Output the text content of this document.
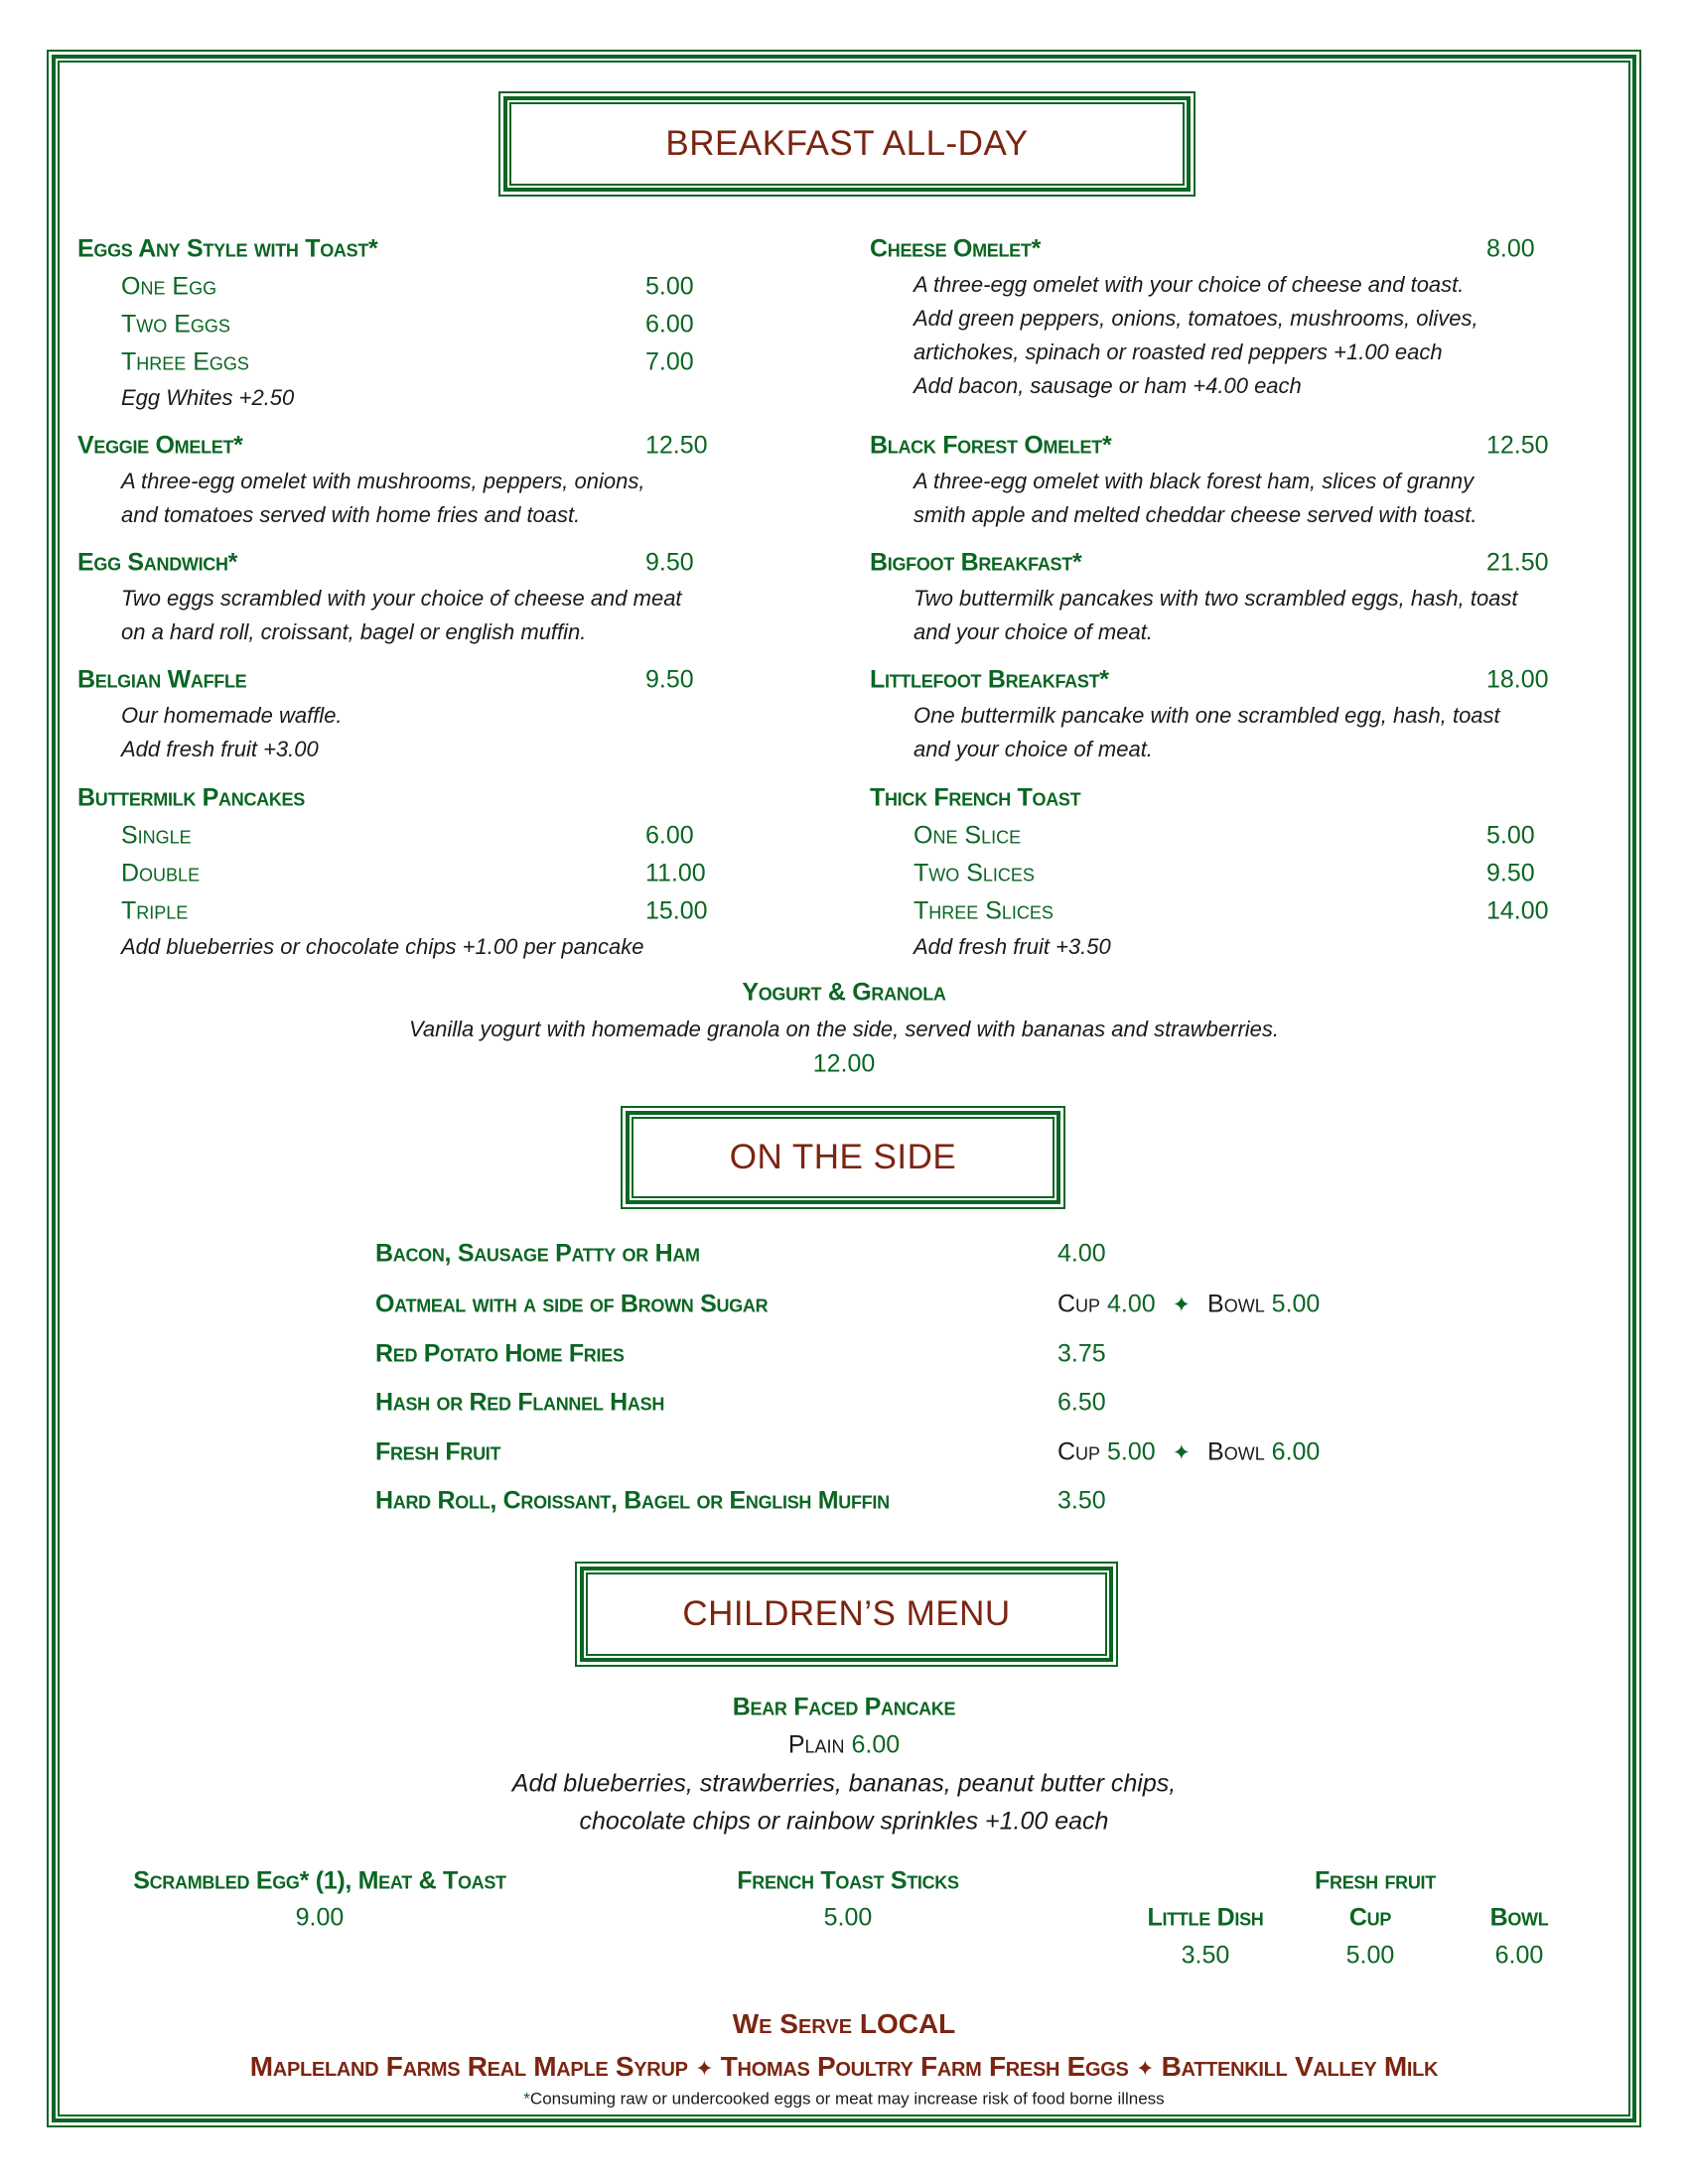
BREAKFAST ALL-DAY
Eggs Any Style with Toast*
One Egg	5.00
Two Eggs	6.00
Three Eggs	7.00
Egg Whites +2.50
Veggie Omelet*	12.50
A three-egg omelet with mushrooms, peppers, onions,
and tomatoes served with home fries and toast.
Egg Sandwich*	9.50
Two eggs scrambled with your choice of cheese and meat
on a hard roll, croissant, bagel or english muffin.
Belgian Waffle	9.50
Our homemade waffle.
Add fresh fruit +3.00
Buttermilk Pancakes
Single	6.00
Double	11.00
Triple	15.00
Add blueberries or chocolate chips +1.00 per pancake
Cheese Omelet*	8.00
A three-egg omelet with your choice of cheese and toast.
Add green peppers, onions, tomatoes, mushrooms, olives,
artichokes, spinach or roasted red peppers +1.00 each
Add bacon, sausage or ham +4.00 each
Black Forest Omelet*	12.50
A three-egg omelet with black forest ham, slices of granny
smith apple and melted cheddar cheese served with toast.
Bigfoot Breakfast*	21.50
Two buttermilk pancakes with two scrambled eggs, hash, toast
and your choice of meat.
Littlefoot Breakfast*	18.00
One buttermilk pancake with one scrambled egg, hash, toast
and your choice of meat.
Thick French Toast
One Slice	5.00
Two Slices	9.50
Three Slices	14.00
Add fresh fruit +3.50
Yogurt & Granola
Vanilla yogurt with homemade granola on the side, served with bananas and strawberries.
12.00
ON THE SIDE
Bacon, Sausage Patty or Ham	4.00
Oatmeal with a side of Brown Sugar	Cup 4.00 ✦ Bowl 5.00
Red Potato Home Fries	3.75
Hash or Red Flannel Hash	6.50
Fresh Fruit	Cup 5.00 ✦ Bowl 6.00
Hard Roll, Croissant, Bagel or English Muffin	3.50
CHILDREN’S MENU
Bear Faced Pancake
Plain 6.00
Add blueberries, strawberries, bananas, peanut butter chips,
chocolate chips or rainbow sprinkles +1.00 each
Scrambled Egg* (1), Meat & Toast
9.00
French Toast Sticks
5.00
Fresh fruit
Little Dish	Cup	Bowl
3.50	5.00	6.00
We Serve LOCAL
Mapleland Farms Real Maple Syrup ✦ Thomas Poultry Farm Fresh Eggs ✦ Battenkill Valley Milk
*Consuming raw or undercooked eggs or meat may increase risk of food borne illness
